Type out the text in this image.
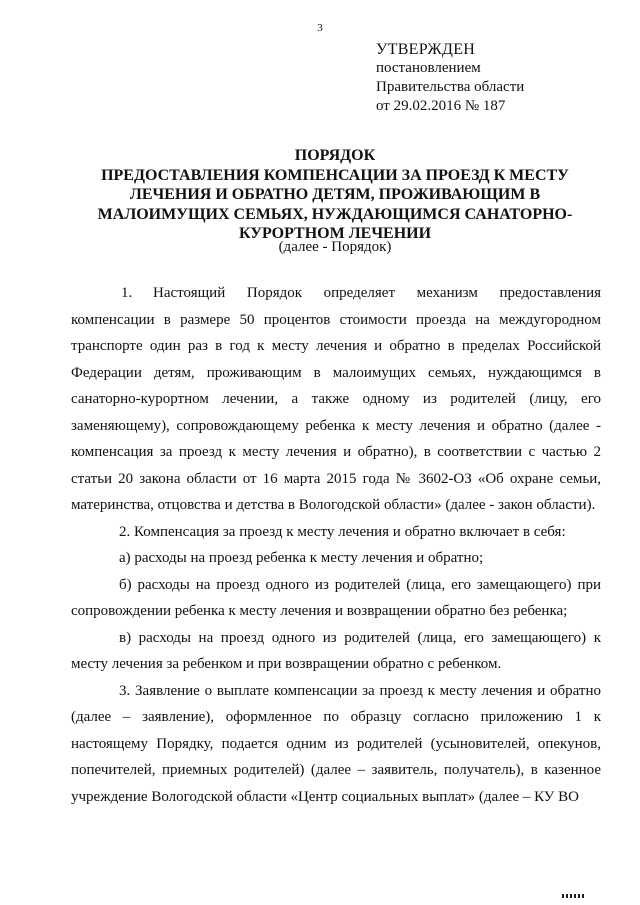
3
УТВЕРЖДЕН
постановлением
Правительства области
от 29.02.2016 № 187
ПОРЯДОК
ПРЕДОСТАВЛЕНИЯ КОМПЕНСАЦИИ ЗА ПРОЕЗД К МЕСТУ
ЛЕЧЕНИЯ И ОБРАТНО ДЕТЯМ, ПРОЖИВАЮЩИМ В
МАЛОИМУЩИХ СЕМЬЯХ, НУЖДАЮЩИМСЯ САНАТОРНО-
КУРОРТНОМ ЛЕЧЕНИИ
(далее - Порядок)

1. Настоящий Порядок определяет механизм предоставления компенсации в размере 50 процентов стоимости проезда на междугородном транспорте один раз в год к месту лечения и обратно в пределах Российской Федерации детям, проживающим в малоимущих семьях, нуждающимся в санаторно-курортном лечении, а также одному из родителей (лицу, его заменяющему), сопровождающему ребенка к месту лечения и обратно (далее - компенсация за проезд к месту лечения и обратно), в соответствии с частью 2 статьи 20 закона области от 16 марта 2015 года № 3602-ОЗ «Об охране семьи, материнства, отцовства и детства в Вологодской области» (далее - закон области).

2. Компенсация за проезд к месту лечения и обратно включает в себя:

а) расходы на проезд ребенка к месту лечения и обратно;

б) расходы на проезд одного из родителей (лица, его замещающего) при сопровождении ребенка к месту лечения и возвращении обратно без ребенка;

в) расходы на проезд одного из родителей (лица, его замещающего) к месту лечения за ребенком и при возвращении обратно с ребенком.

3. Заявление о выплате компенсации за проезд к месту лечения и обратно (далее – заявление), оформленное по образцу согласно приложению 1 к настоящему Порядку, подается одним из родителей (усыновителей, опекунов, попечителей, приемных родителей) (далее – заявитель, получатель), в казенное учреждение Вологодской области «Центр социальных выплат» (далее – КУ ВО
